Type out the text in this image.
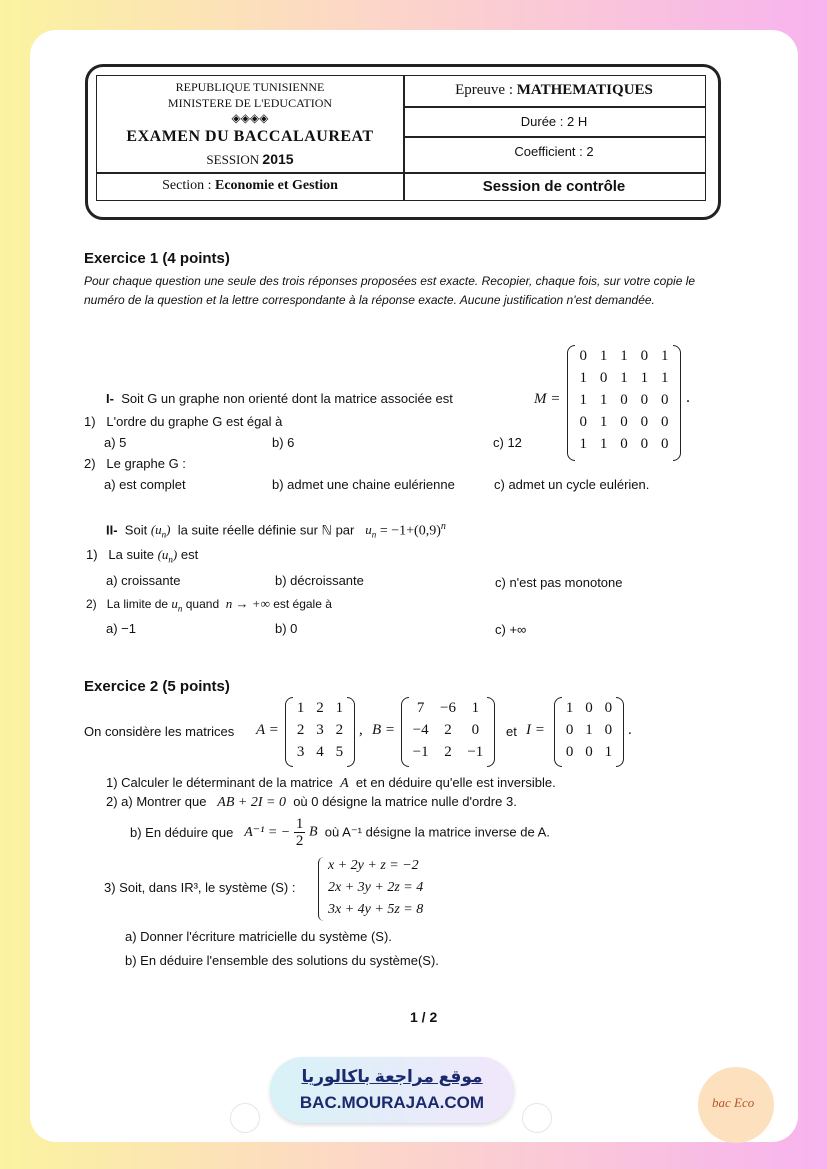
REPUBLIQUE TUNISIENNE
MINISTERE DE L'EDUCATION
◈◈◈◈
EXAMEN DU BACCALAUREAT
SESSION 2015
Section : Economie et Gestion
Epreuve : MATHEMATIQUES
Durée : 2 H
Coefficient : 2
Session de contrôle
Exercice 1 (4 points)
Pour chaque question une seule des trois réponses proposées est exacte. Recopier, chaque fois, sur votre copie le
numéro de la question et la lettre correspondante à la réponse exacte. Aucune justification n'est demandée.
I- Soit G un graphe non orienté dont la matrice associée est	M =
0	1	1	0	1
1	0	1	1	1
1	1	0	0	0
0	1	0	0	0
1	1	0	0	0
.
1) L'ordre du graphe G est égal à
a) 5	b) 6	c) 12
2) Le graphe G :
a) est complet	b) admet une chaine eulérienne	c) admet un cycle eulérien.
II- Soit $(u_n)$ la suite réelle définie sur ℕ par $u_n = -1+(0,9)^n$
1) La suite $(u_n)$ est
a) croissante	b) décroissante	c) n'est pas monotone
2) La limite de $u_n$ quand n → +∞ est égale à
a) −1	b) 0	c) +∞
Exercice 2 (5 points)
On considère les matrices A =
1	2	1
2	3	2
3	4	5
, B =
7	−6	1
−4	2	0
−1	2	−1
et I =
1	0	0
0	1	0
0	0	1
.
1) Calculer le déterminant de la matrice A et en déduire qu'elle est inversible.
2) a) Montrer que AB + 2I = 0 où 0 désigne la matrice nulle d'ordre 3.
b) En déduire que A⁻¹ = − $\frac{1}{2}$ B où A⁻¹ désigne la matrice inverse de A.
3) Soit, dans IR³, le système (S) :
x + 2y + z = −2
2x + 3y + 2z = 4
3x + 4y + 5z = 8
a) Donner l'écriture matricielle du système (S).
b) En déduire l'ensemble des solutions du système(S).
1 / 2
موقع مراجعة باكالوريا
BAC.MOURAJAA.COM	bac Eco
